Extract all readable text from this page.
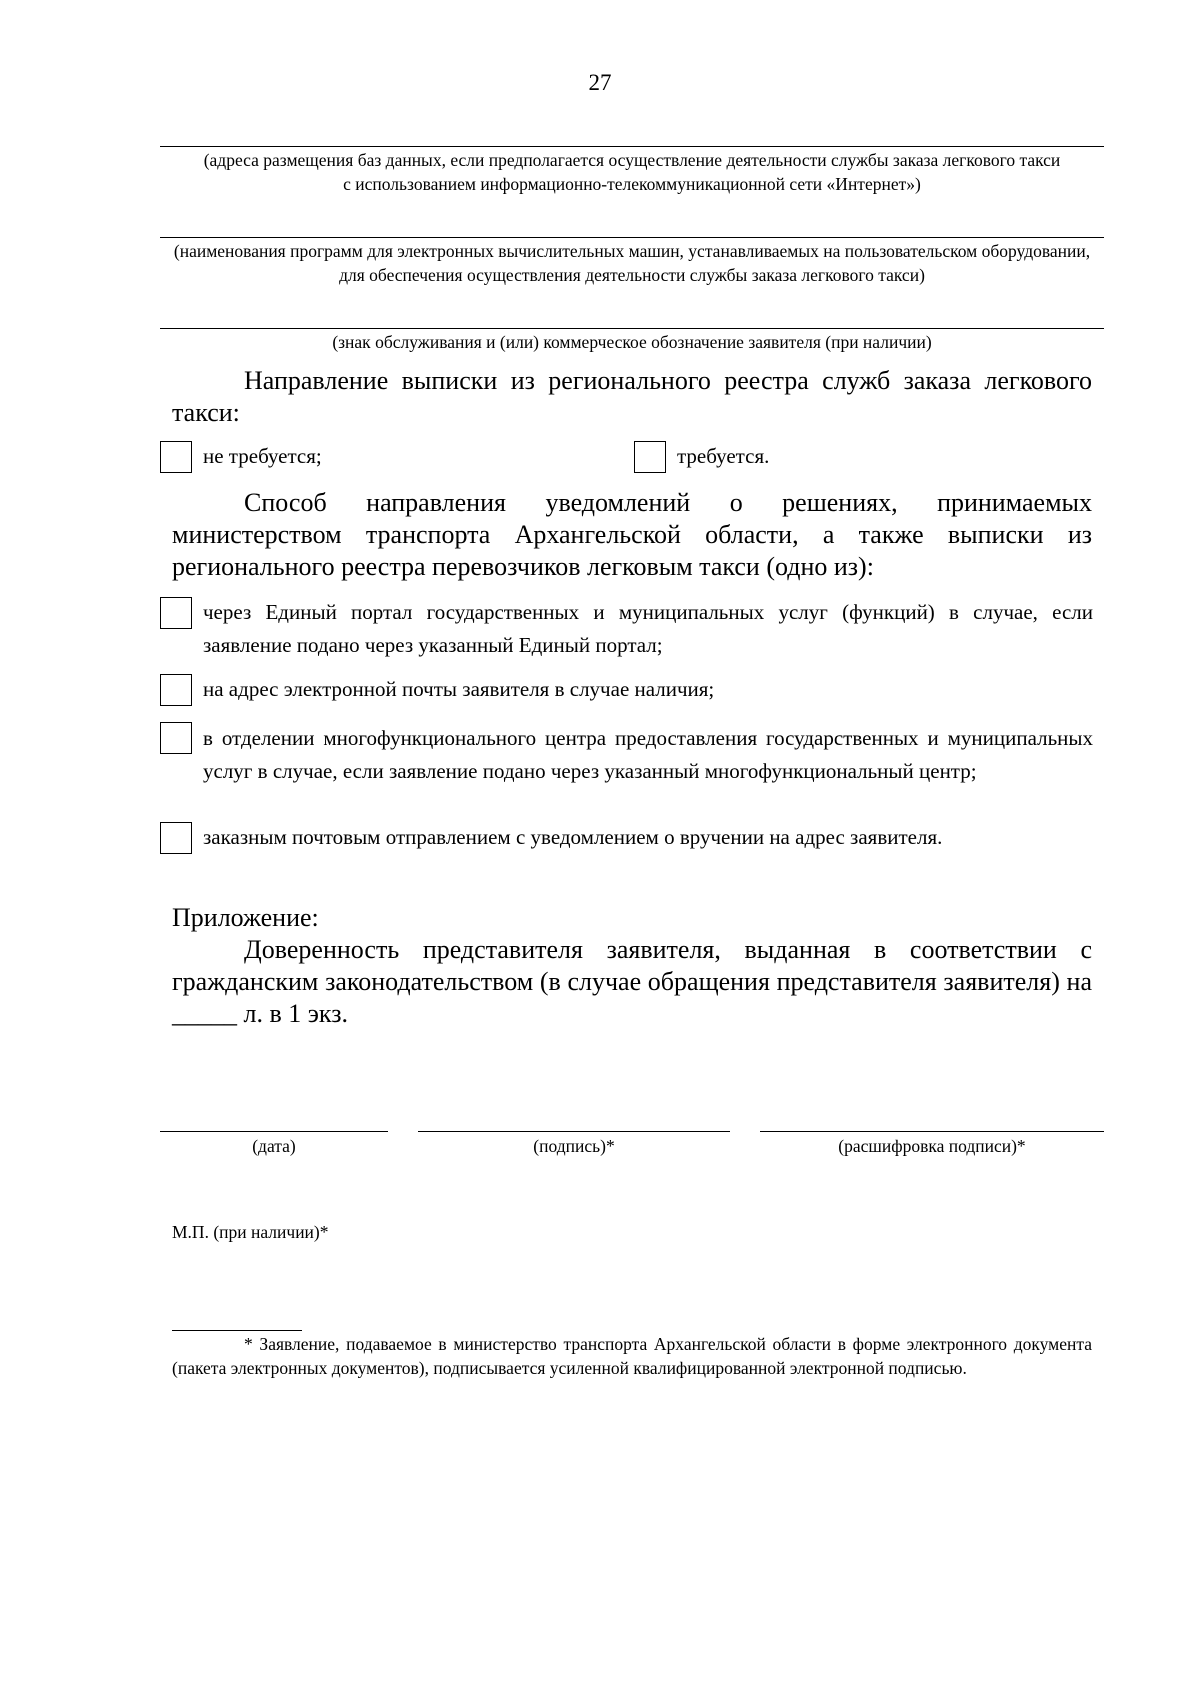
27
(адреса размещения баз данных, если предполагается осуществление деятельности службы заказа легкового такси с использованием информационно-телекоммуникационной сети «Интернет»)
(наименования программ для электронных вычислительных машин, устанавливаемых на пользовательском оборудовании, для обеспечения осуществления деятельности службы заказа легкового такси)
(знак обслуживания и (или) коммерческое обозначение заявителя (при наличии)
Направление выписки из регионального реестра служб заказа легкового такси:
не требуется;	требуется.
Способ направления уведомлений о решениях, принимаемых министерством транспорта Архангельской области, а также выписки из регионального реестра перевозчиков легковым такси (одно из):
через Единый портал государственных и муниципальных услуг (функций) в случае, если заявление подано через указанный Единый портал;
на адрес электронной почты заявителя в случае наличия;
в отделении многофункционального центра предоставления государственных и муниципальных услуг в случае, если заявление подано через указанный многофункциональный центр;
заказным почтовым отправлением с уведомлением о вручении на адрес заявителя.
Приложение:
Доверенность представителя заявителя, выданная в соответствии с гражданским законодательством (в случае обращения представителя заявителя) на _____ л. в 1 экз.
(дата)	(подпись)*	(расшифровка подписи)*
М.П. (при наличии)*
* Заявление, подаваемое в министерство транспорта Архангельской области в форме электронного документа (пакета электронных документов), подписывается усиленной квалифицированной электронной подписью.
